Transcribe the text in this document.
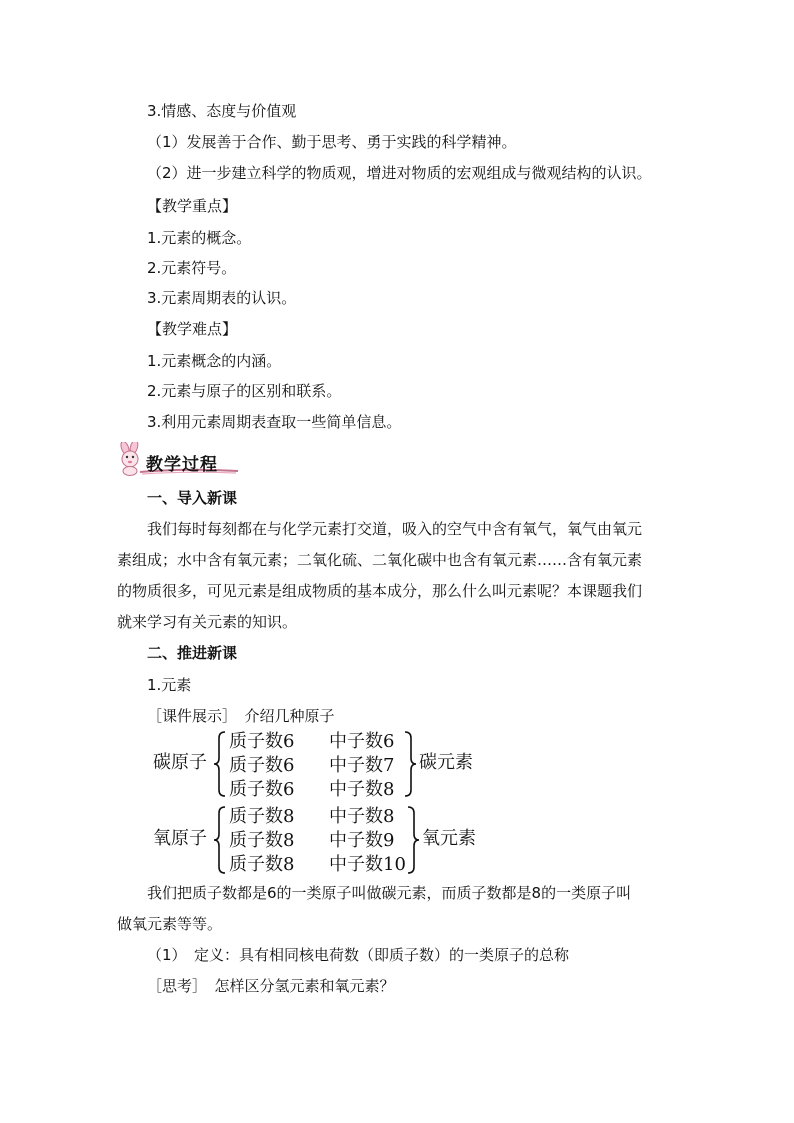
3.情感、态度与价值观
（1）发展善于合作、勤于思考、勇于实践的科学精神。
（2）进一步建立科学的物质观，增进对物质的宏观组成与微观结构的认识。
【教学重点】
1.元素的概念。
2.元素符号。
3.元素周期表的认识。
【教学难点】
1.元素概念的内涵。
2.元素与原子的区别和联系。
3.利用元素周期表查取一些简单信息。
教学过程
一、导入新课
我们每时每刻都在与化学元素打交道，吸入的空气中含有氧气，氧气由氧元
素组成；水中含有氧元素；二氧化硫、二氧化碳中也含有氧元素……含有氧元素
的物质很多，可见元素是组成物质的基本成分，那么什么叫元素呢？本课题我们
就来学习有关元素的知识。
二、推进新课
1.元素
［课件展示］　介绍几种原子
碳原子
质子数6 中子数6
质子数6 中子数7
质子数6 中子数8
碳元素
氧原子
质子数8 中子数8
质子数8 中子数9
质子数8 中子数10
氧元素
我们把质子数都是6的一类原子叫做碳元素，而质子数都是8的一类原子叫
做氧元素等等。
（1）　定义：具有相同核电荷数（即质子数）的一类原子的总称
［思考］　怎样区分氢元素和氧元素？
